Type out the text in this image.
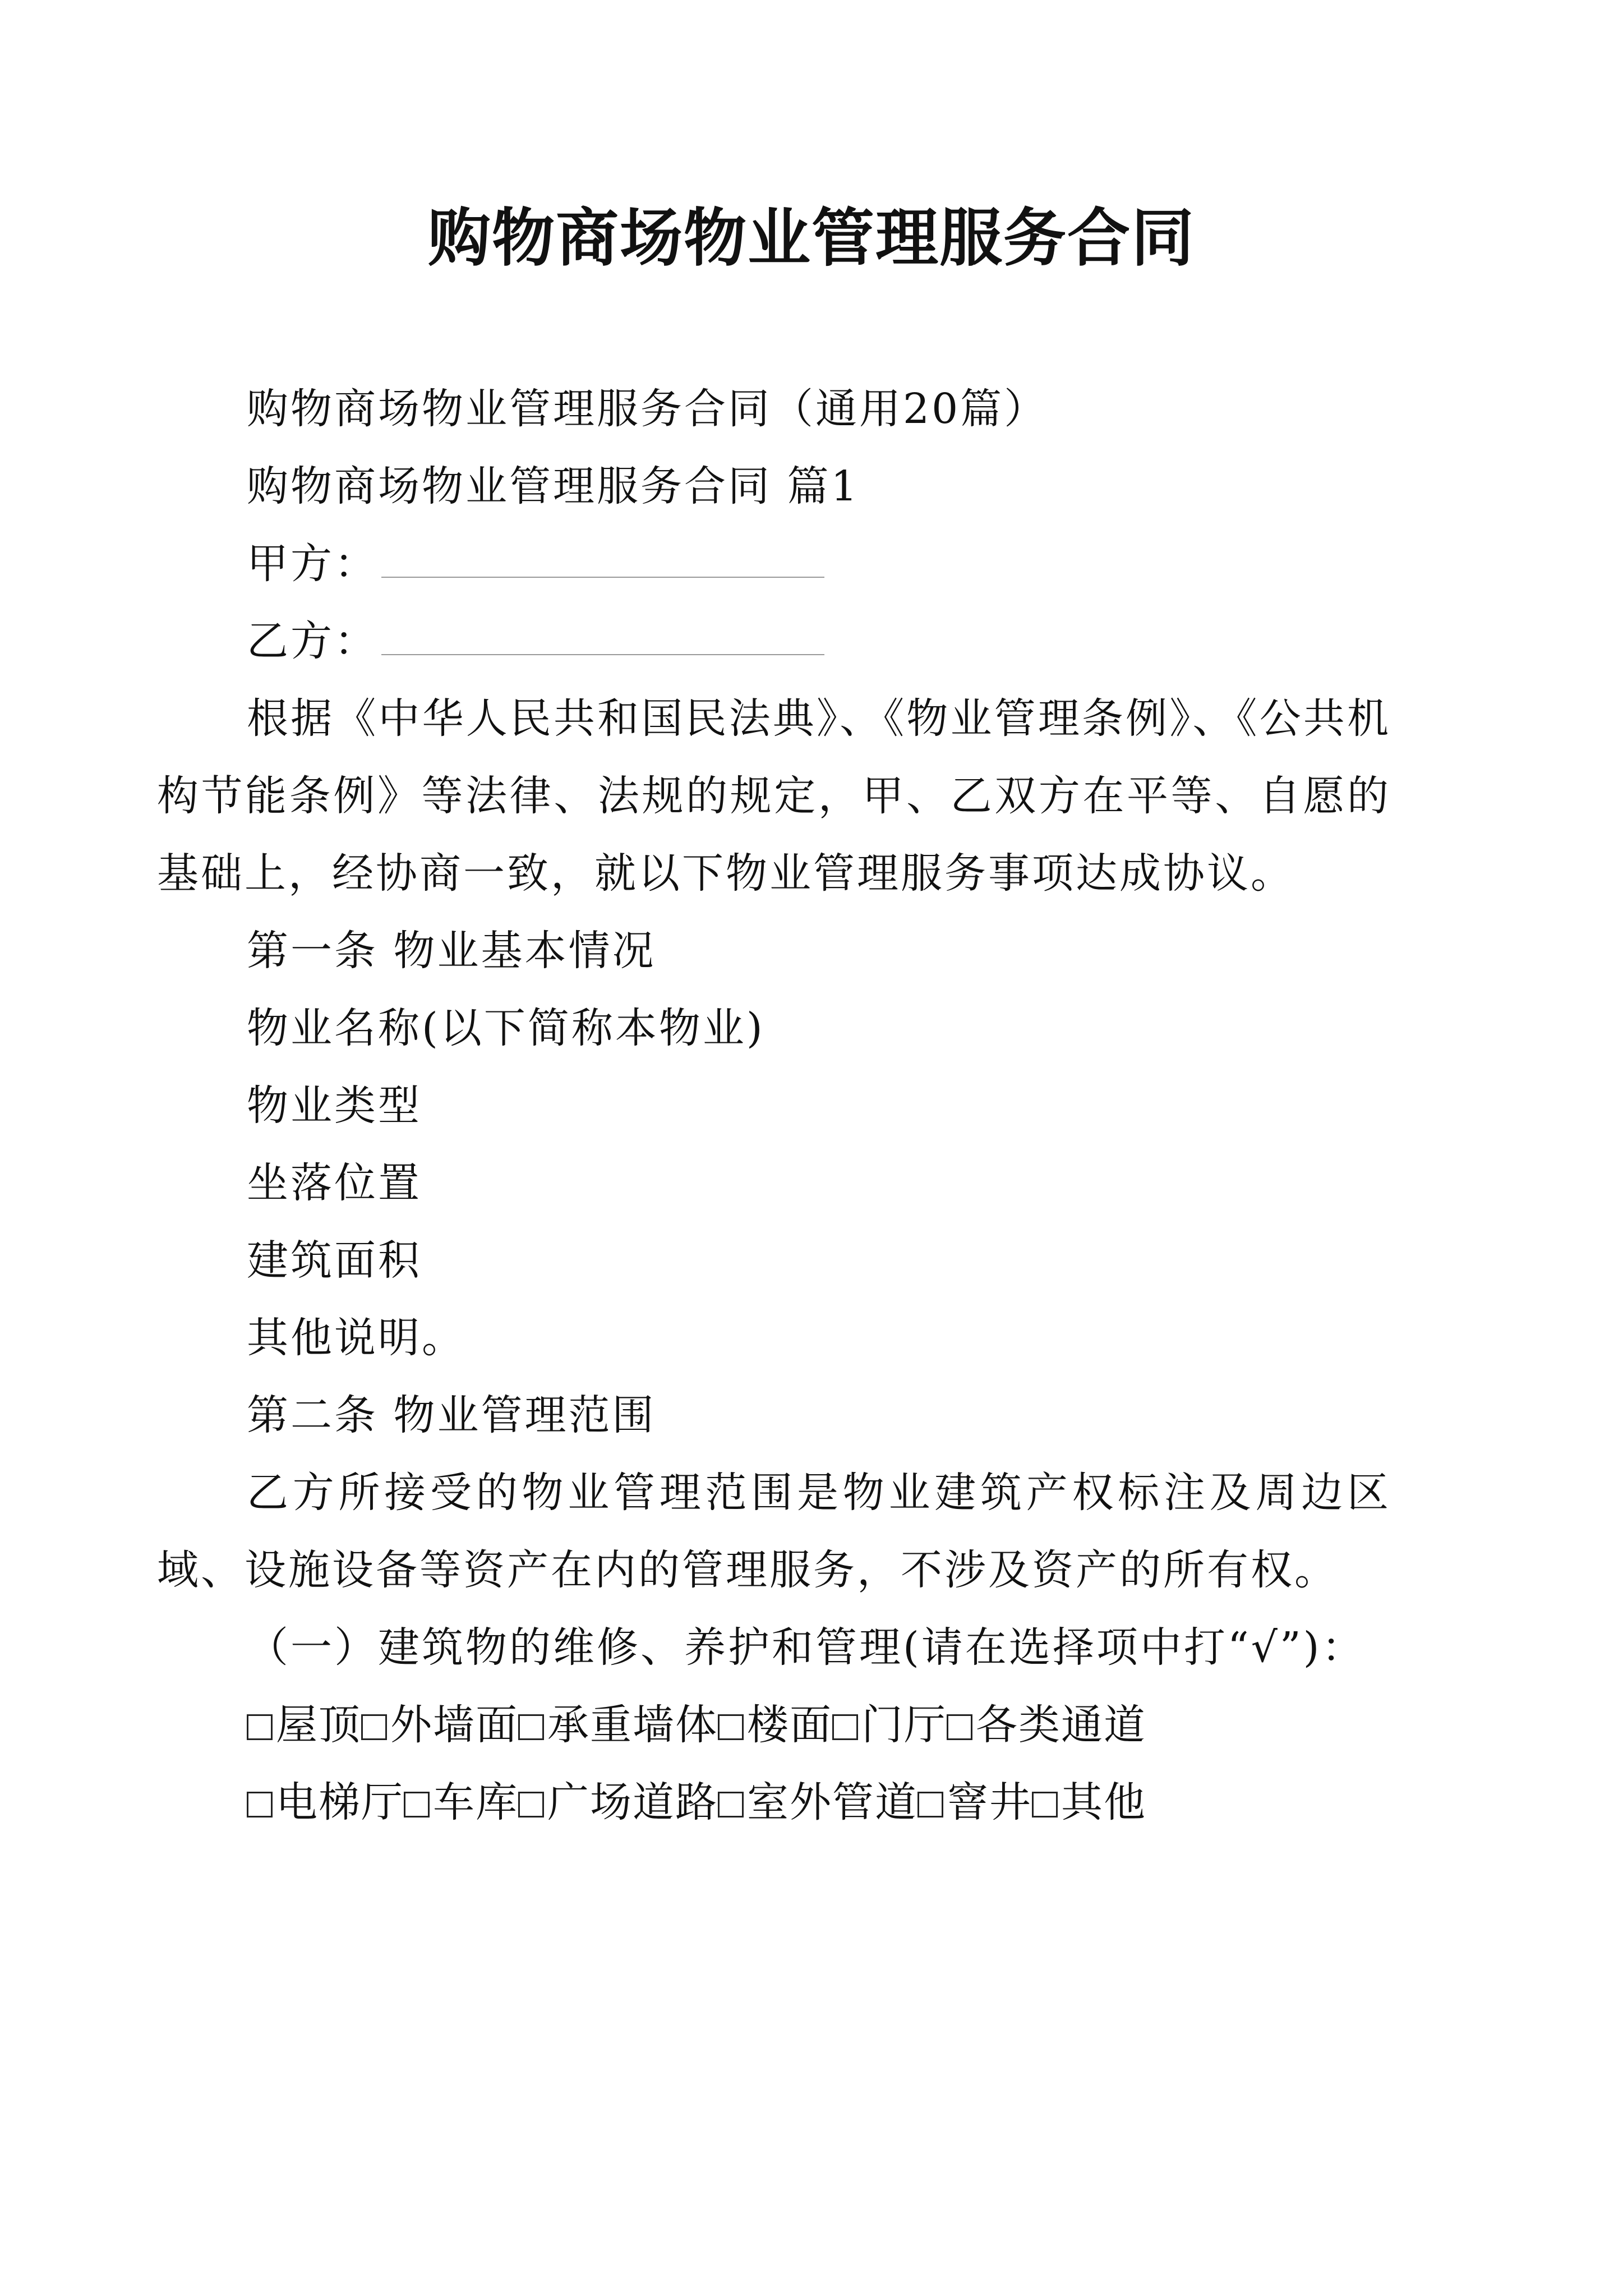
购物商场物业管理服务合同

购物商场物业管理服务合同（通用20篇）

购物商场物业管理服务合同 篇1

甲方：

乙方：

根据《中华人民共和国民法典》、《物业管理条例》、《公共机构节能条例》等法律、法规的规定，甲、乙双方在平等、自愿的基础上，经协商一致，就以下物业管理服务事项达成协议。

第一条 物业基本情况

物业名称(以下简称本物业)

物业类型

坐落位置

建筑面积

其他说明。

第二条 物业管理范围

乙方所接受的物业管理范围是物业建筑产权标注及周边区域、设施设备等资产在内的管理服务，不涉及资产的所有权。

（一）建筑物的维修、养护和管理(请在选择项中打“√”)：

屋顶 外墙面 承重墙体 楼面 门厅 各类通道

电梯厅 车库 广场道路 室外管道 窨井 其他
